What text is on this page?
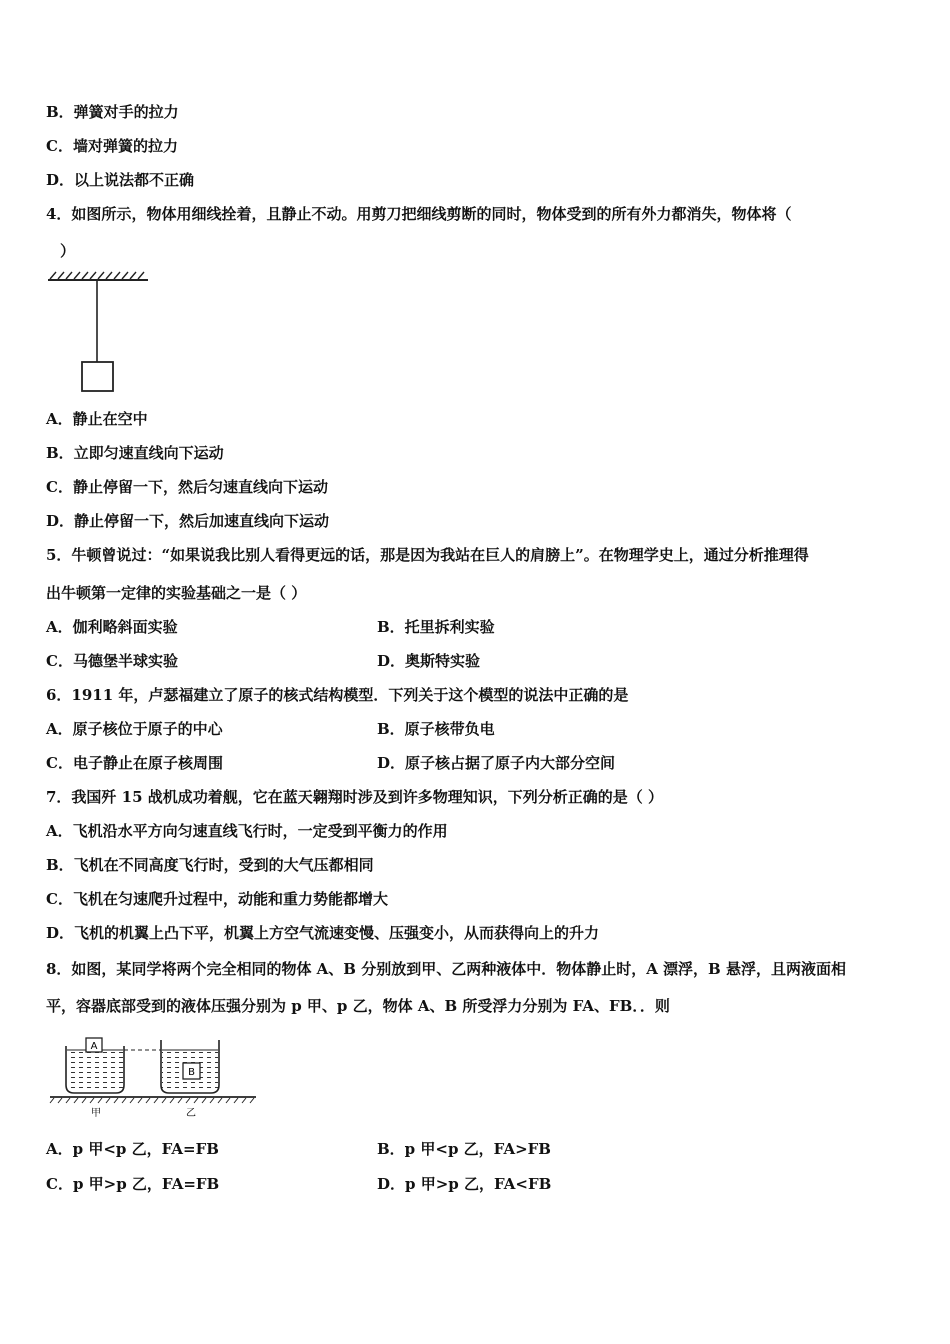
B．弹簧对手的拉力
C．墙对弹簧的拉力
D．以上说法都不正确
4．如图所示，物体用细线拴着，且静止不动。用剪刀把细线剪断的同时，物体受到的所有外力都消失，物体将（
）
A．静止在空中
B．立即匀速直线向下运动
C．静止停留一下，然后匀速直线向下运动
D．静止停留一下，然后加速直线向下运动
5．牛顿曾说过：“如果说我比别人看得更远的话，那是因为我站在巨人的肩膀上”。在物理学史上，通过分析推理得
出牛顿第一定律的实验基础之一是（ ）
A．伽利略斜面实验	B．托里拆利实验
C．马德堡半球实验	D．奥斯特实验
6．1911 年，卢瑟福建立了原子的核式结构模型．下列关于这个模型的说法中正确的是
A．原子核位于原子的中心	B．原子核带负电
C．电子静止在原子核周围	D．原子核占据了原子内大部分空间
7．我国歼 15 战机成功着舰，它在蓝天翱翔时涉及到许多物理知识，下列分析正确的是（ ）
A．飞机沿水平方向匀速直线飞行时，一定受到平衡力的作用
B．飞机在不同高度飞行时，受到的大气压都相同
C．飞机在匀速爬升过程中，动能和重力势能都增大
D．飞机的机翼上凸下平，机翼上方空气流速变慢、压强变小，从而获得向上的升力
8．如图，某同学将两个完全相同的物体 A、B 分别放到甲、乙两种液体中．物体静止时，A 漂浮，B 悬浮，且两液面相
平，容器底部受到的液体压强分别为 p 甲、p 乙，物体 A、B 所受浮力分别为 FA、FB．．则
A
B
甲	乙
A．p 甲<p 乙，FA=FB	B．p 甲<p 乙，FA>FB
C．p 甲>p 乙，FA=FB	D．p 甲>p 乙，FA<FB
